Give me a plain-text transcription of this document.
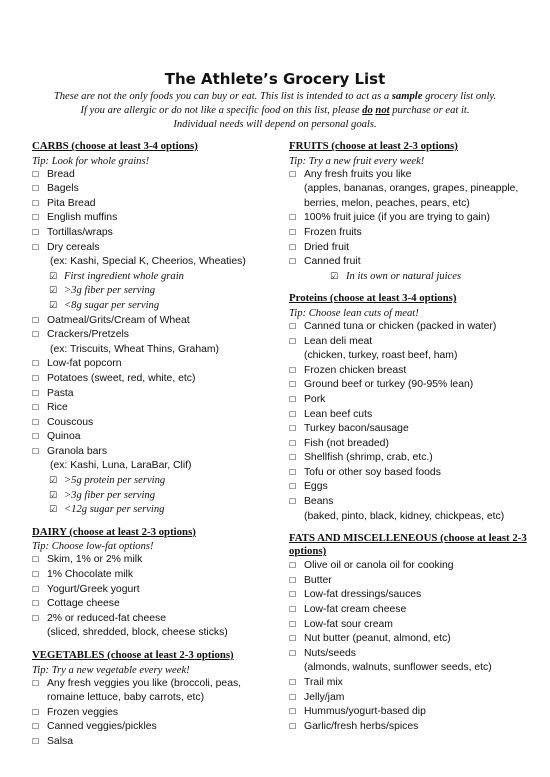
The Athlete’s Grocery List
These are not the only foods you can buy or eat. This list is intended to act as a sample grocery list only.
If you are allergic or do not like a specific food on this list, please do not purchase or eat it.
Individual needs will depend on personal goals.
CARBS (choose at least 3-4 options)
Tip: Look for whole grains!
☐ Bread
☐ Bagels
☐ Pita Bread
☐ English muffins
☐ Tortillas/wraps
☐ Dry cereals
(ex: Kashi, Special K, Cheerios, Wheaties)
☑ First ingredient whole grain
☑ >3g fiber per serving
☑ <8g sugar per serving
☐ Oatmeal/Grits/Cream of Wheat
☐ Crackers/Pretzels
(ex: Triscuits, Wheat Thins, Graham)
☐ Low-fat popcorn
☐ Potatoes (sweet, red, white, etc)
☐ Pasta
☐ Rice
☐ Couscous
☐ Quinoa
☐ Granola bars
(ex: Kashi, Luna, LaraBar, Clif)
☑ >5g protein per serving
☑ >3g fiber per serving
☑ <12g sugar per serving
DAIRY (choose at least 2-3 options)
Tip: Choose low-fat options!
☐ Skim, 1% or 2% milk
☐ 1% Chocolate milk
☐ Yogurt/Greek yogurt
☐ Cottage cheese
☐ 2% or reduced-fat cheese
(sliced, shredded, block, cheese sticks)
VEGETABLES (choose at least 2-3 options)
Tip: Try a new vegetable every week!
☐ Any fresh veggies you like (broccoli, peas,
romaine lettuce, baby carrots, etc)
☐ Frozen veggies
☐ Canned veggies/pickles
☐ Salsa
FRUITS (choose at least 2-3 options)
Tip: Try a new fruit every week!
☐ Any fresh fruits you like
(apples, bananas, oranges, grapes, pineapple,
berries, melon, peaches, pears, etc)
☐ 100% fruit juice (if you are trying to gain)
☐ Frozen fruits
☐ Dried fruit
☐ Canned fruit
☑ In its own or natural juices
Proteins (choose at least 3-4 options)
Tip: Choose lean cuts of meat!
☐ Canned tuna or chicken (packed in water)
☐ Lean deli meat
(chicken, turkey, roast beef, ham)
☐ Frozen chicken breast
☐ Ground beef or turkey (90-95% lean)
☐ Pork
☐ Lean beef cuts
☐ Turkey bacon/sausage
☐ Fish (not breaded)
☐ Shellfish (shrimp, crab, etc.)
☐ Tofu or other soy based foods
☐ Eggs
☐ Beans
(baked, pinto, black, kidney, chickpeas, etc)
FATS AND MISCELLENEOUS (choose at least 2-3 options)
☐ Olive oil or canola oil for cooking
☐ Butter
☐ Low-fat dressings/sauces
☐ Low-fat cream cheese
☐ Low-fat sour cream
☐ Nut butter (peanut, almond, etc)
☐ Nuts/seeds
(almonds, walnuts, sunflower seeds, etc)
☐ Trail mix
☐ Jelly/jam
☐ Hummus/yogurt-based dip
☐ Garlic/fresh herbs/spices
